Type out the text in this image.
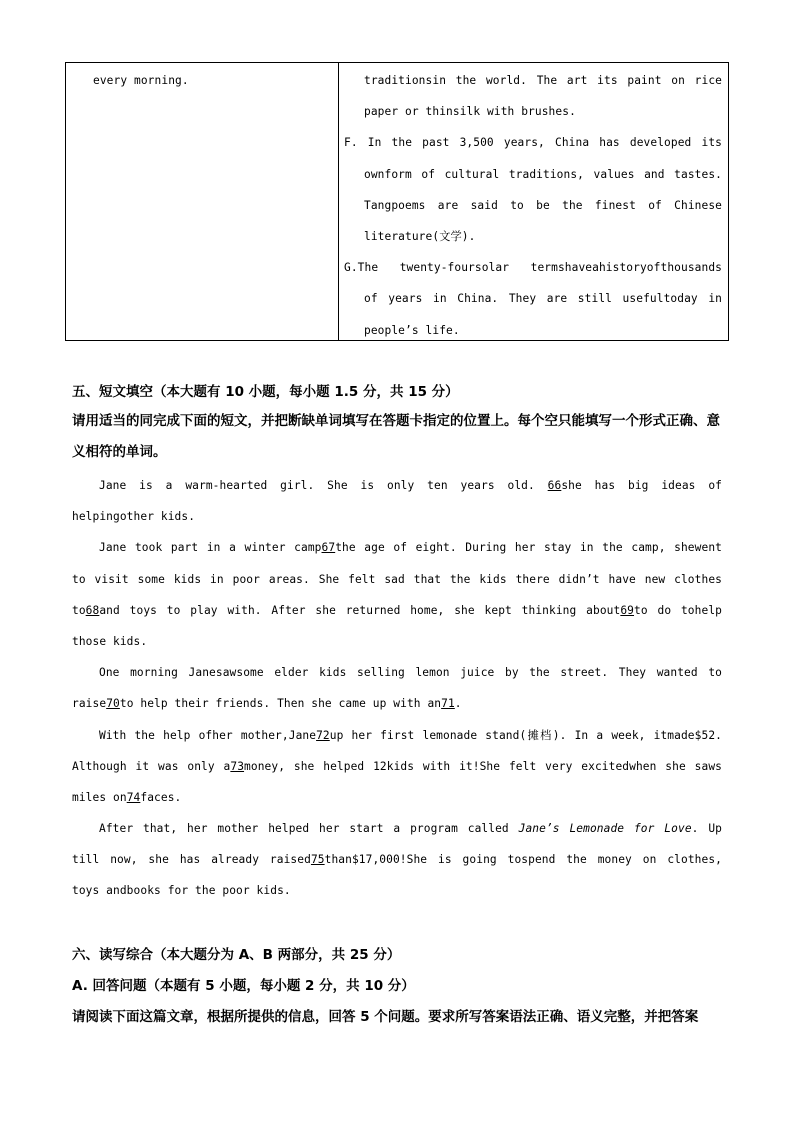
every morning.	traditionsin the world. The art its paint on rice
paper or thinsilk with brushes.
F. In the past 3,500 years, China has developed its
ownform of cultural traditions, values and tastes.
Tangpoems are said to be the finest of Chinese
literature(文学).
G.The twenty-foursolar termshaveahistoryofthousands
of years in China. They are still usefultoday in
people’s life.
五、短文填空（本大题有 10 小题，每小题 1.5 分，共 15 分）
请用适当的同完成下面的短文，并把断缺单词填写在答题卡指定的位置上。每个空只能填写一个形式正确、意义相符的单词。
Jane is a warm-hearted girl. She is only ten years old. 66she has big ideas of
helpingother kids.
Jane took part in a winter camp67the age of eight. During her stay in the camp, shewent
to visit some kids in poor areas. She felt sad that the kids there didn’t have new clothes
to68and toys to play with. After she returned home, she kept thinking about69to do tohelp
those kids.
One morning Janesawsome elder kids selling lemon juice by the street. They wanted to
raise70to help their friends. Then she came up with an71.
With the help ofher mother,Jane72up her first lemonade stand(摊档). In a week, itmade$52.
Although it was only a73money, she helped 12kids with it!She felt very excitedwhen she saws
miles on74faces.
After that, her mother helped her start a program called Jane’s Lemonade for Love. Up
till now, she has already raised75than$17,000!She is going tospend the money on clothes,
toys andbooks for the poor kids.
六、读写综合（本大题分为 A、B 两部分，共 25 分）
A. 回答问题（本题有 5 小题，每小题 2 分，共 10 分）
请阅读下面这篇文章，根据所提供的信息，回答 5 个问题。要求所写答案语法正确、语义完整，并把答案
